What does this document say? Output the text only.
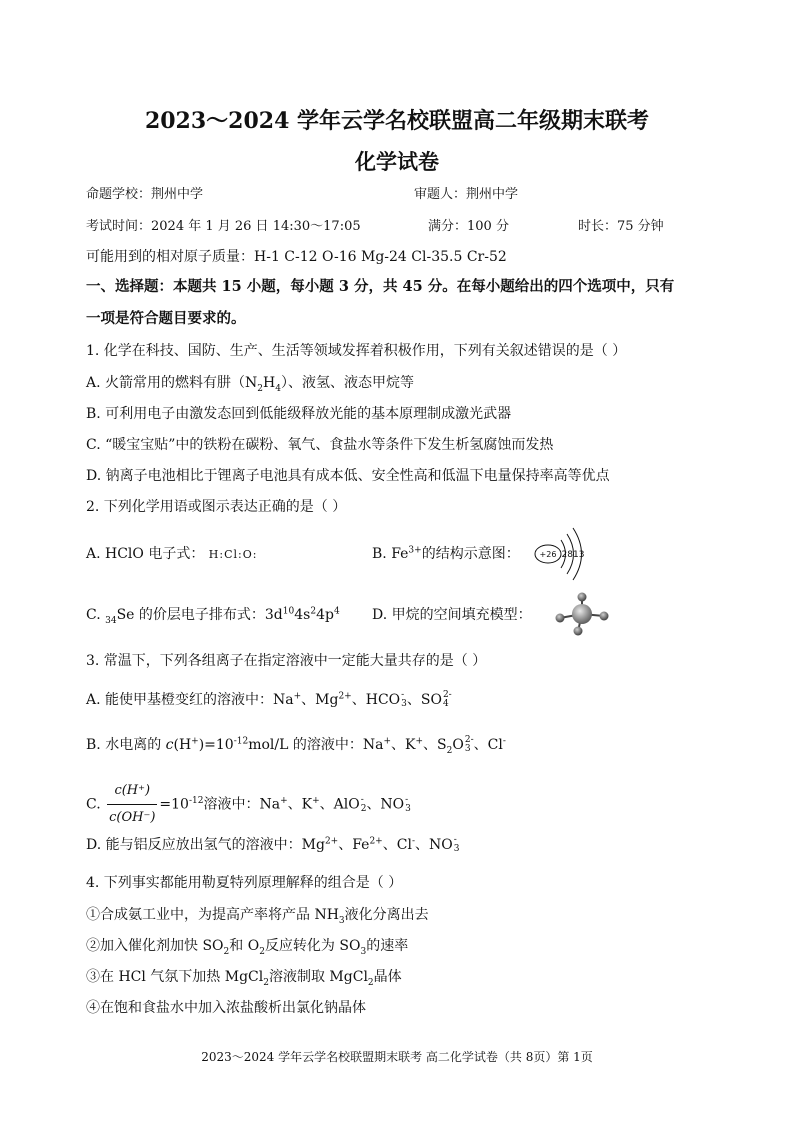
2023～2024 学年云学名校联盟高二年级期末联考
化学试卷
命题学校：荆州中学	审题人：荆州中学
考试时间：2024 年 1 月 26 日 14:30～17:05	满分：100 分	时长：75 分钟
可能用到的相对原子质量：H-1 C-12 O-16 Mg-24 Cl-35.5 Cr-52
一、选择题：本题共 15 小题，每小题 3 分，共 45 分。在每小题给出的四个选项中，只有
一项是符合题目要求的。
1. 化学在科技、国防、生产、生活等领域发挥着积极作用，下列有关叙述错误的是（ ）
A. 火箭常用的燃料有肼$(N_2H_4)$、液氢、液态甲烷等
B. 可利用电子由激发态回到低能级释放光能的基本原理制成激光武器
C. “暖宝宝贴”中的铁粉在碳粉、氧气、食盐水等条件下发生析氢腐蚀而发热
D. 钠离子电池相比于锂离子电池具有成本低、安全性高和低温下电量保持率高等优点
2. 下列化学用语或图示表达正确的是（ ）
A. HClO 电子式： H:Cl:O:	B. $Fe^{3+}$的结构示意图： +26 2813
C. $_{34}$Se 的价层电子排布式：$3d^{10}4s^24p^4$ D. 甲烷的空间填充模型：
3. 常温下，下列各组离子在指定溶液中一定能大量共存的是（ ）
A. 能使甲基橙变红的溶液中：Na+、$Mg^{2+}$、HCO -
3 、SO 2-
4
B. 水电离的 $c(H^+)=10^{-12}mol/L$ 的溶液中：Na+、K+、$S_2O$ 2-
3 、Cl-
C. $\frac{c(H^+)}{c(OH^-)} =10^{-12}$溶液中：Na+、K+、AlO -
2 、NO -
3
D. 能与铝反应放出氢气的溶液中：$Mg^{2+}$、$Fe^{2+}$、Cl-、NO -
3
4. 下列事实都能用勒夏特列原理解释的组合是（ ）
①合成氨工业中，为提高产率将产品 $NH_3$液化分离出去
②加入催化剂加快 $SO_2$和 $O_2$反应转化为 $SO_3$的速率
③在 HCl 气氛下加热 MgCl$_2$溶液制取 MgCl$_2$晶体
④在饱和食盐水中加入浓盐酸析出氯化钠晶体
2023～2024 学年云学名校联盟期末联考 高二化学试卷（共 8页）第 1页
